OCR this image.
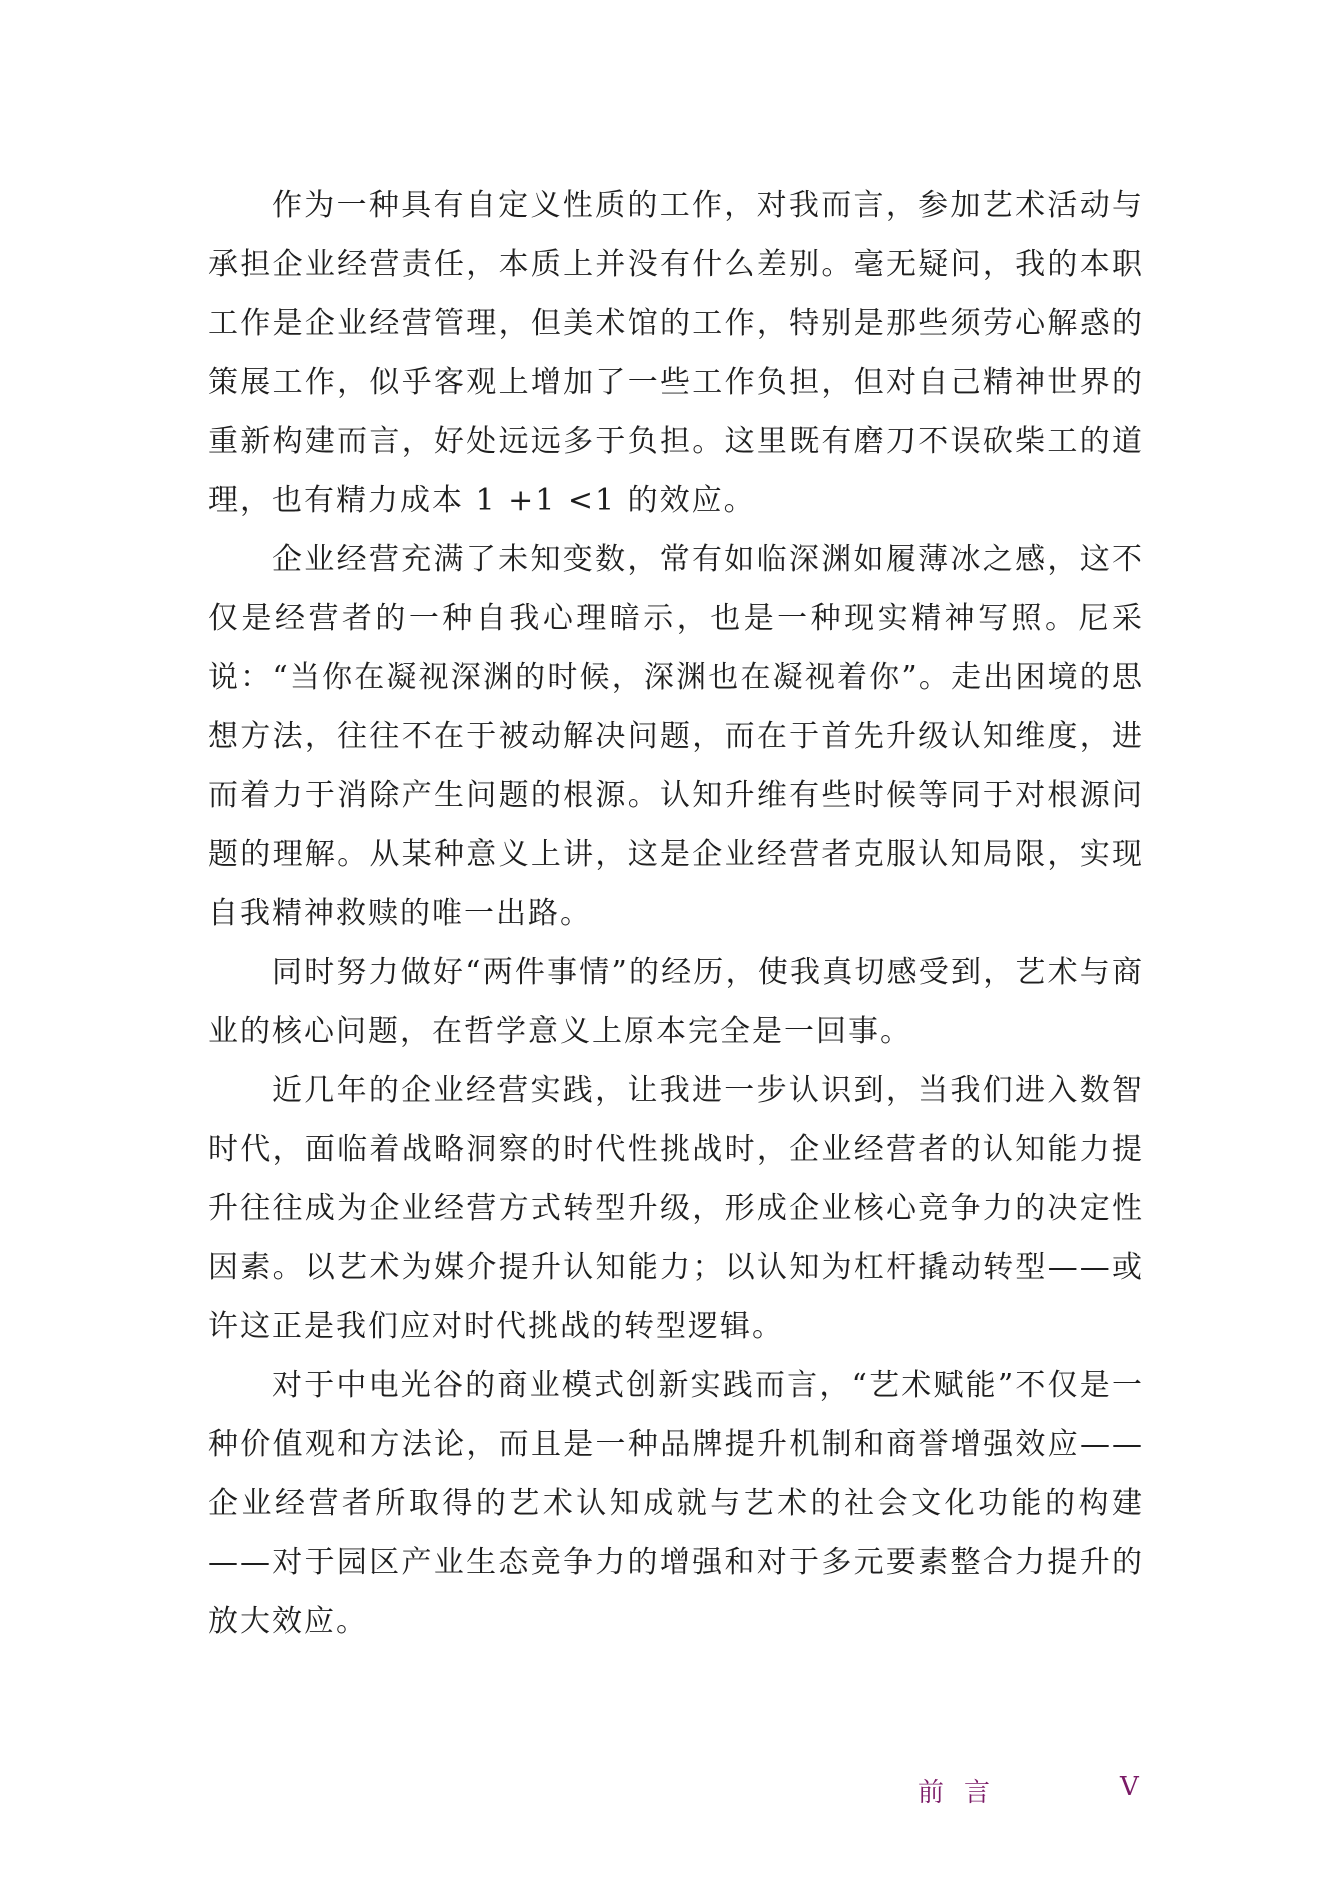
作为一种具有自定义性质的工作，对我而言，参加艺术活动与承担企业经营责任，本质上并没有什么差别。毫无疑问，我的本职工作是企业经营管理，但美术馆的工作，特别是那些须劳心解惑的策展工作，似乎客观上增加了一些工作负担，但对自己精神世界的重新构建而言，好处远远多于负担。这里既有磨刀不误砍柴工的道理，也有精力成本 1 +1 <1 的效应。

企业经营充满了未知变数，常有如临深渊如履薄冰之感，这不仅是经营者的一种自我心理暗示，也是一种现实精神写照。尼采说：“当你在凝视深渊的时候，深渊也在凝视着你”。走出困境的思想方法，往往不在于被动解决问题，而在于首先升级认知维度，进而着力于消除产生问题的根源。认知升维有些时候等同于对根源问题的理解。从某种意义上讲，这是企业经营者克服认知局限，实现自我精神救赎的唯一出路。

同时努力做好“两件事情”的经历，使我真切感受到，艺术与商业的核心问题，在哲学意义上原本完全是一回事。

近几年的企业经营实践，让我进一步认识到，当我们进入数智时代，面临着战略洞察的时代性挑战时，企业经营者的认知能力提升往往成为企业经营方式转型升级，形成企业核心竞争力的决定性因素。以艺术为媒介提升认知能力；以认知为杠杆撬动转型——或许这正是我们应对时代挑战的转型逻辑。

对于中电光谷的商业模式创新实践而言，“艺术赋能”不仅是一种价值观和方法论，而且是一种品牌提升机制和商誉增强效应——企业经营者所取得的艺术认知成就与艺术的社会文化功能的构建——对于园区产业生态竞争力的增强和对于多元要素整合力提升的放大效应。

前言	V
